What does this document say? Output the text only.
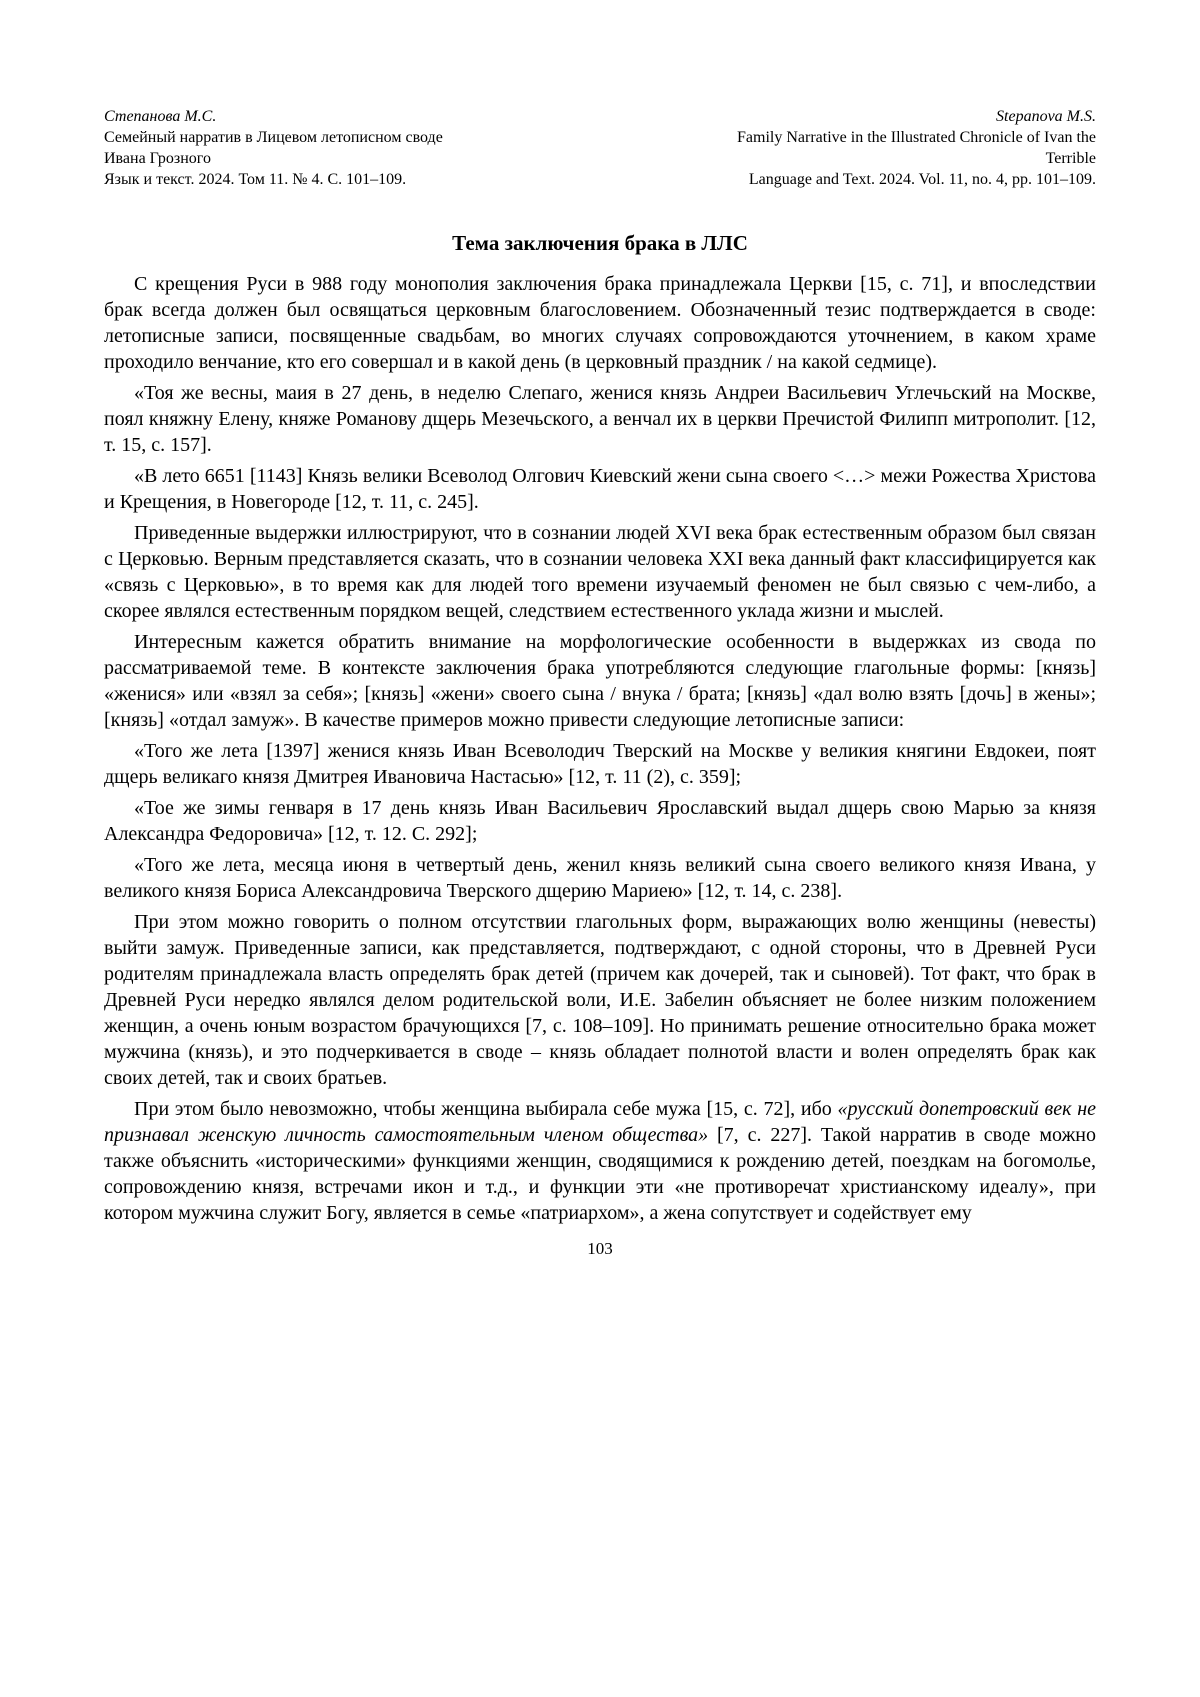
Степанова М.С.
Семейный нарратив в Лицевом летописном своде
Ивана Грозного
Язык и текст. 2024. Том 11. № 4. С. 101–109.
Stepanova M.S.
Family Narrative in the Illustrated Chronicle of Ivan the
Terrible
Language and Text. 2024. Vol. 11, no. 4, pp. 101–109.
Тема заключения брака в ЛЛС

С крещения Руси в 988 году монополия заключения брака принадлежала Церкви [15, с. 71], и впоследствии брак всегда должен был освящаться церковным благословением. Обозначенный тезис подтверждается в своде: летописные записи, посвященные свадьбам, во многих случаях сопровождаются уточнением, в каком храме проходило венчание, кто его совершал и в какой день (в церковный праздник / на какой седмице).

«Тоя же весны, маия в 27 день, в неделю Слепаго, женися князь Андреи Васильевич Углечьский на Москве, поял княжну Елену, княже Романову дщерь Мезечьского, а венчал их в церкви Пречистой Филипп митрополит. [12, т. 15, с. 157].

«В лето 6651 [1143] Князь велики Всеволод Олгович Киевский жени сына своего <…> межи Рожества Христова и Крещения, в Новегороде [12, т. 11, с. 245].

Приведенные выдержки иллюстрируют, что в сознании людей XVI века брак естественным образом был связан с Церковью. Верным представляется сказать, что в сознании человека XXI века данный факт классифицируется как «связь с Церковью», в то время как для людей того времени изучаемый феномен не был связью с чем-либо, а скорее являлся естественным порядком вещей, следствием естественного уклада жизни и мыслей.

Интересным кажется обратить внимание на морфологические особенности в выдержках из свода по рассматриваемой теме. В контексте заключения брака употребляются следующие глагольные формы: [князь] «женися» или «взял за себя»; [князь] «жени» своего сына / внука / брата; [князь] «дал волю взять [дочь] в жены»; [князь] «отдал замуж». В качестве примеров можно привести следующие летописные записи:

«Того же лета [1397] женися князь Иван Всеволодич Тверский на Москве у великия княгини Евдокеи, поят дщерь великаго князя Дмитрея Ивановича Настасью» [12, т. 11 (2), с. 359];

«Тое же зимы генваря в 17 день князь Иван Васильевич Ярославский выдал дщерь свою Марью за князя Александра Федоровича» [12, т. 12. С. 292];

«Того же лета, месяца июня в четвертый день, женил князь великий сына своего великого князя Ивана, у великого князя Бориса Александровича Тверского дщерию Мариею» [12, т. 14, с. 238].

При этом можно говорить о полном отсутствии глагольных форм, выражающих волю женщины (невесты) выйти замуж. Приведенные записи, как представляется, подтверждают, с одной стороны, что в Древней Руси родителям принадлежала власть определять брак детей (причем как дочерей, так и сыновей). Тот факт, что брак в Древней Руси нередко являлся делом родительской воли, И.Е. Забелин объясняет не более низким положением женщин, а очень юным возрастом брачующихся [7, с. 108–109]. Но принимать решение относительно брака может мужчина (князь), и это подчеркивается в своде – князь обладает полнотой власти и волен определять брак как своих детей, так и своих братьев.

При этом было невозможно, чтобы женщина выбирала себе мужа [15, с. 72], ибо «русский допетровский век не признавал женскую личность самостоятельным членом общества» [7, с. 227]. Такой нарратив в своде можно также объяснить «историческими» функциями женщин, сводящимися к рождению детей, поездкам на богомолье, сопровождению князя, встречами икон и т.д., и функции эти «не противоречат христианскому идеалу», при котором мужчина служит Богу, является в семье «патриархом», а жена сопутствует и содействует ему

103
